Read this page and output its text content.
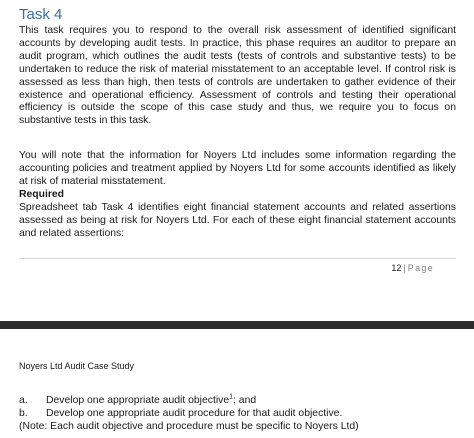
Task 4

This task requires you to respond to the overall risk assessment of identified significant accounts by developing audit tests. In practice, this phase requires an auditor to prepare an audit program, which outlines the audit tests (tests of controls and substantive tests) to be undertaken to reduce the risk of material misstatement to an acceptable level. If control risk is assessed as less than high, then tests of controls are undertaken to gather evidence of their existence and operational efficiency. Assessment of controls and testing their operational efficiency is outside the scope of this case study and thus, we require you to focus on substantive tests in this task.

You will note that the information for Noyers Ltd includes some information regarding the accounting policies and treatment applied by Noyers Ltd for some accounts identified as likely at risk of material misstatement.

Required

Spreadsheet tab Task 4 identifies eight financial statement accounts and related assertions assessed as being at risk for Noyers Ltd. For each of these eight financial statement accounts and related assertions:

12 | Page
Noyers Ltd Audit Case Study
a. Develop one appropriate audit objective$^1$; and
b. Develop one appropriate audit procedure for that audit objective.
(Note: Each audit objective and procedure must be specific to Noyers Ltd)
